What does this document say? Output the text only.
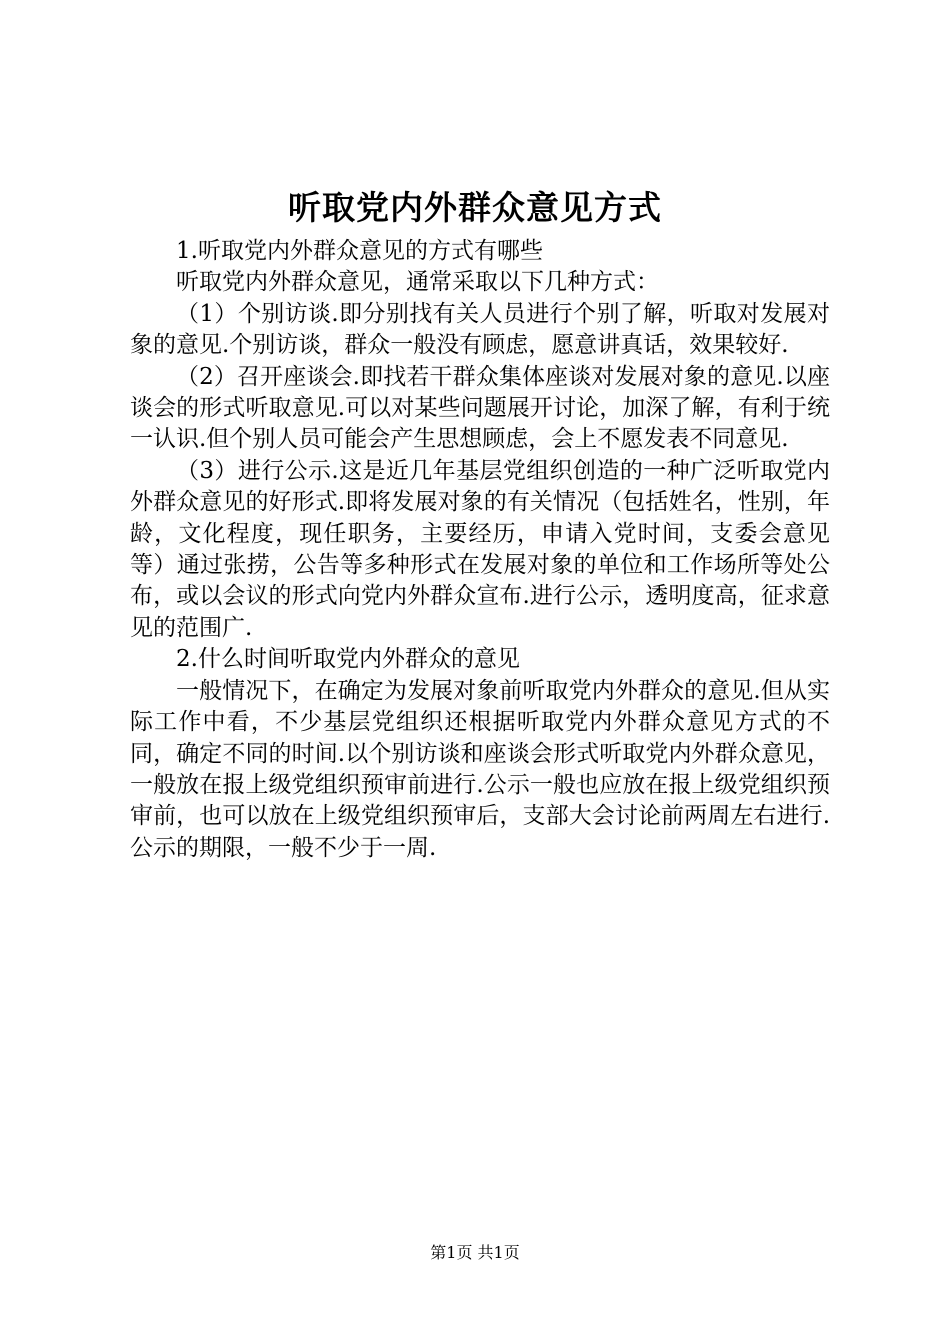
听取党内外群众意见方式

1.听取党内外群众意见的方式有哪些

听取党内外群众意见，通常采取以下几种方式：

（1）个别访谈.即分别找有关人员进行个别了解，听取对发展对象的意见.个别访谈，群众一般没有顾虑，愿意讲真话，效果较好.

（2）召开座谈会.即找若干群众集体座谈对发展对象的意见.以座谈会的形式听取意见.可以对某些问题展开讨论，加深了解，有利于统一认识.但个别人员可能会产生思想顾虑，会上不愿发表不同意见.

（3）进行公示.这是近几年基层党组织创造的一种广泛听取党内外群众意见的好形式.即将发展对象的有关情况（包括姓名，性别，年龄，文化程度，现任职务，主要经历，申请入党时间，支委会意见等）通过张捞，公告等多种形式在发展对象的单位和工作场所等处公布，或以会议的形式向党内外群众宣布.进行公示，透明度高，征求意见的范围广.

2.什么时间听取党内外群众的意见

一般情况下，在确定为发展对象前听取党内外群众的意见.但从实际工作中看，不少基层党组织还根据听取党内外群众意见方式的不同，确定不同的时间.以个别访谈和座谈会形式听取党内外群众意见，一般放在报上级党组织预审前进行.公示一般也应放在报上级党组织预审前，也可以放在上级党组织预审后，支部大会讨论前两周左右进行.公示的期限，一般不少于一周.

第1页 共1页
